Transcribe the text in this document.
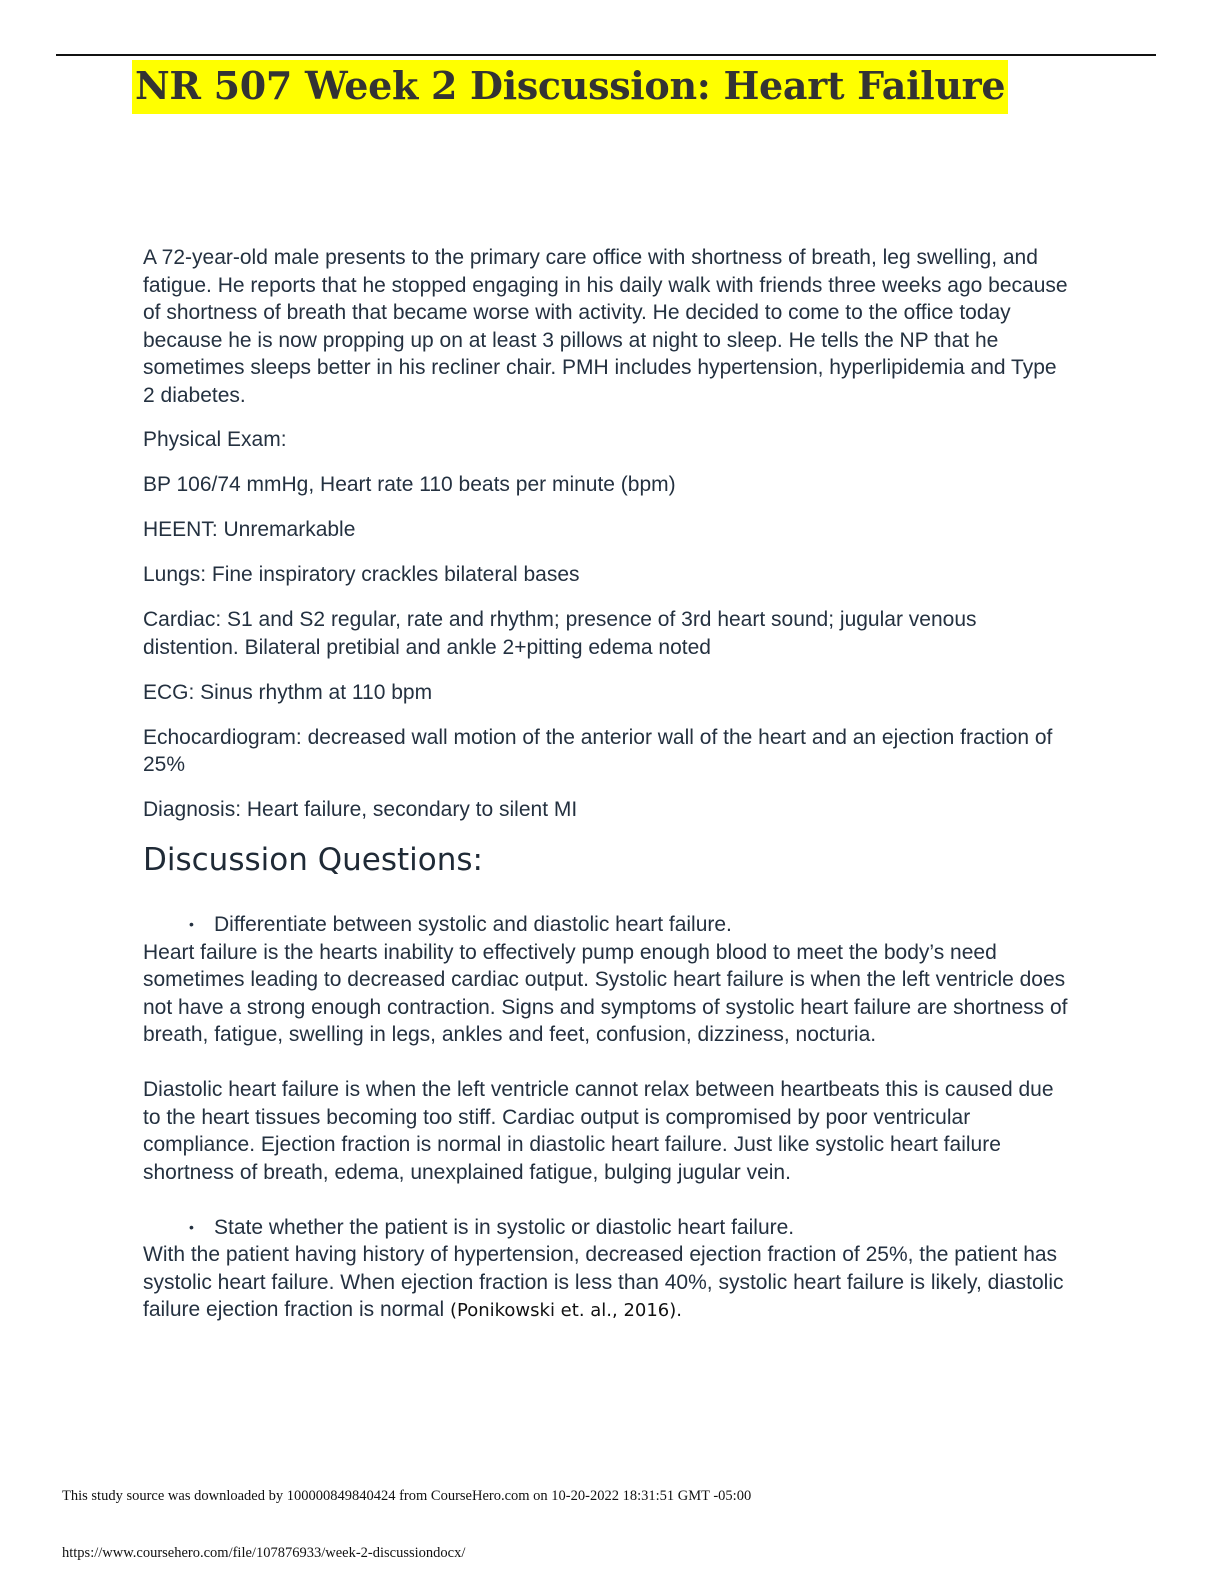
NR 507 Week 2 Discussion: Heart Failure

A 72-year-old male presents to the primary care office with shortness of breath, leg swelling, and fatigue. He reports that he stopped engaging in his daily walk with friends three weeks ago because of shortness of breath that became worse with activity. He decided to come to the office today because he is now propping up on at least 3 pillows at night to sleep. He tells the NP that he sometimes sleeps better in his recliner chair. PMH includes hypertension, hyperlipidemia and Type 2 diabetes.

Physical Exam:

BP 106/74 mmHg, Heart rate 110 beats per minute (bpm)

HEENT: Unremarkable

Lungs: Fine inspiratory crackles bilateral bases

Cardiac: S1 and S2 regular, rate and rhythm; presence of 3rd heart sound; jugular venous distention. Bilateral pretibial and ankle 2+pitting edema noted

ECG: Sinus rhythm at 110 bpm

Echocardiogram: decreased wall motion of the anterior wall of the heart and an ejection fraction of 25%

Diagnosis: Heart failure, secondary to silent MI

Discussion Questions:

• Differentiate between systolic and diastolic heart failure.

Heart failure is the hearts inability to effectively pump enough blood to meet the body’s need sometimes leading to decreased cardiac output. Systolic heart failure is when the left ventricle does not have a strong enough contraction. Signs and symptoms of systolic heart failure are shortness of breath, fatigue, swelling in legs, ankles and feet, confusion, dizziness, nocturia.

Diastolic heart failure is when the left ventricle cannot relax between heartbeats this is caused due to the heart tissues becoming too stiff. Cardiac output is compromised by poor ventricular compliance. Ejection fraction is normal in diastolic heart failure. Just like systolic heart failure shortness of breath, edema, unexplained fatigue, bulging jugular vein.

• State whether the patient is in systolic or diastolic heart failure.

With the patient having history of hypertension, decreased ejection fraction of 25%, the patient has systolic heart failure. When ejection fraction is less than 40%, systolic heart failure is likely, diastolic failure ejection fraction is normal (Ponikowski et. al., 2016).

This study source was downloaded by 100000849840424 from CourseHero.com on 10-20-2022 18:31:51 GMT -05:00
https://www.coursehero.com/file/107876933/week-2-discussiondocx/
